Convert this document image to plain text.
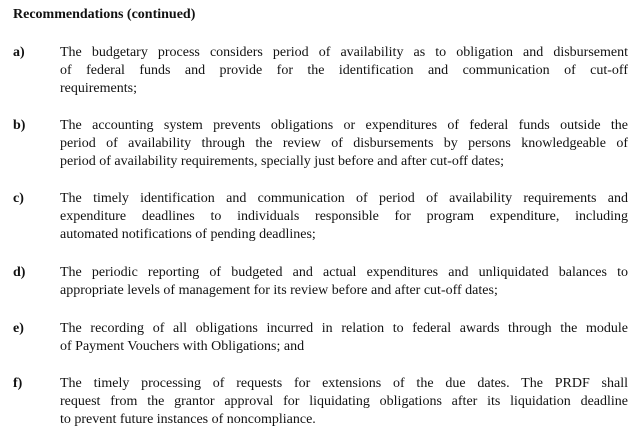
Recommendations (continued)
a)	The budgetary process considers period of availability as to obligation and disbursement
of federal funds and provide for the identification and communication of cut-off
requirements;

b) The accounting system prevents obligations or expenditures of federal funds outside the
period of availability through the review of disbursements by persons knowledgeable of
period of availability requirements, specially just before and after cut-off dates;

c)	The timely identification and communication of period of availability requirements and
expenditure deadlines to individuals responsible for program expenditure, including
automated notifications of pending deadlines;

d) The periodic reporting of budgeted and actual expenditures and unliquidated balances to
appropriate levels of management for its review before and after cut-off dates;

e)	The recording of all obligations incurred in relation to federal awards through the module
of Payment Vouchers with Obligations; and

f)	The timely processing of requests for extensions of the due dates. The PRDF shall
request from the grantor approval for liquidating obligations after its liquidation deadline
to prevent future instances of noncompliance.
